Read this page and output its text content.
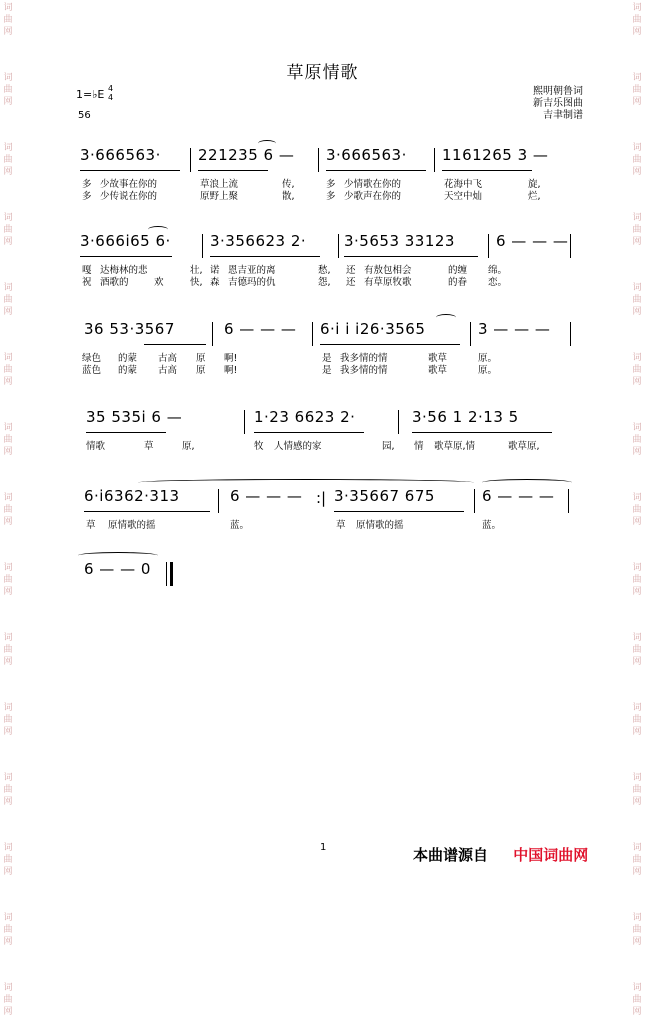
词
曲
网
词
曲
网
词
曲
网
词
曲
网
词
曲
网
词
曲
网
词
曲
网
词
曲
网
词
曲
网
词
曲
网
词
曲
网
词
曲
网
词
曲
网
词
曲
网
词
曲
网
词
曲
网
词
曲
网
词
曲
网
词
曲
网
词
曲
网
词
曲
网
词
曲
网
词
曲
网
词
曲
网
词
曲
网
词
曲
网
词
曲
网
词
曲
网
词
曲
网
词
曲
网
草原情歌
熙明朝鲁词
新吉乐图曲
吉聿制谱
1=♭E 4
4
56
3·666563· 221235 6 — 3·666563· 1161265 3 —
多 少故事在你的	草浪上流	传,	多 少情歌在你的	花海中飞	旋,
多 少传说在你的	原野上聚	散,	多 少歌声在你的	天空中灿	烂,
3·666i65 6·	3·356623 2·	3·5653 33123	6 — — —
嘎 达梅林的悲	壮, 诺 恩吉亚的离	愁, 还 有敖包相会	的缠 绵。
祝 酒歌的	欢	快, 森 吉德玛的仇	怨, 还 有草原牧歌	的眷 恋。
36 53·3567	6 — — — 6·i i i26·3565	3 — — —
绿色 的蒙 古高 原 啊!	是 我多情的情	歌草	原。
蓝色 的蒙 古高 原 啊!	是 我多情的情	歌草	原。
35 535i 6 —	1·23 6623 2·	3·56 1 2·13 5
情歌	草	原,	牧 人情感的家	园, 情 歌草原,情	歌草原,
6·i6362·313	6 — — — :| 3·35667 675	6 — — —
草 原情歌的摇	蓝。	草 原情歌的摇	蓝。
6 — — 0
1	本曲谱源自 中国词曲网
